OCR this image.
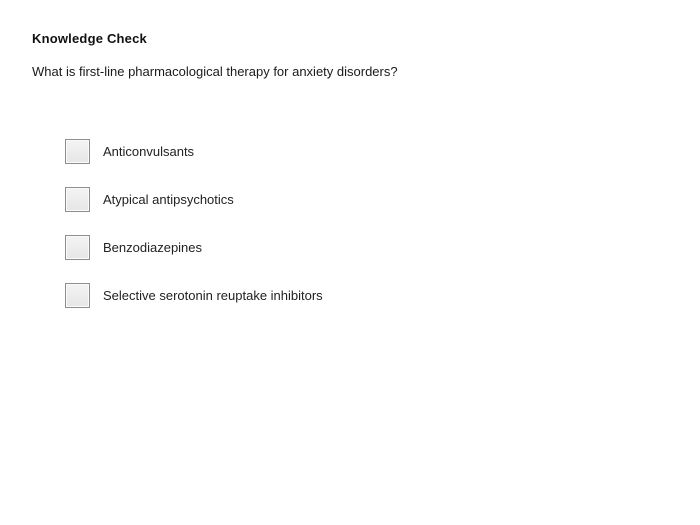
Knowledge Check
What is first-line pharmacological therapy for anxiety disorders?
Anticonvulsants
Atypical antipsychotics
Benzodiazepines
Selective serotonin reuptake inhibitors
